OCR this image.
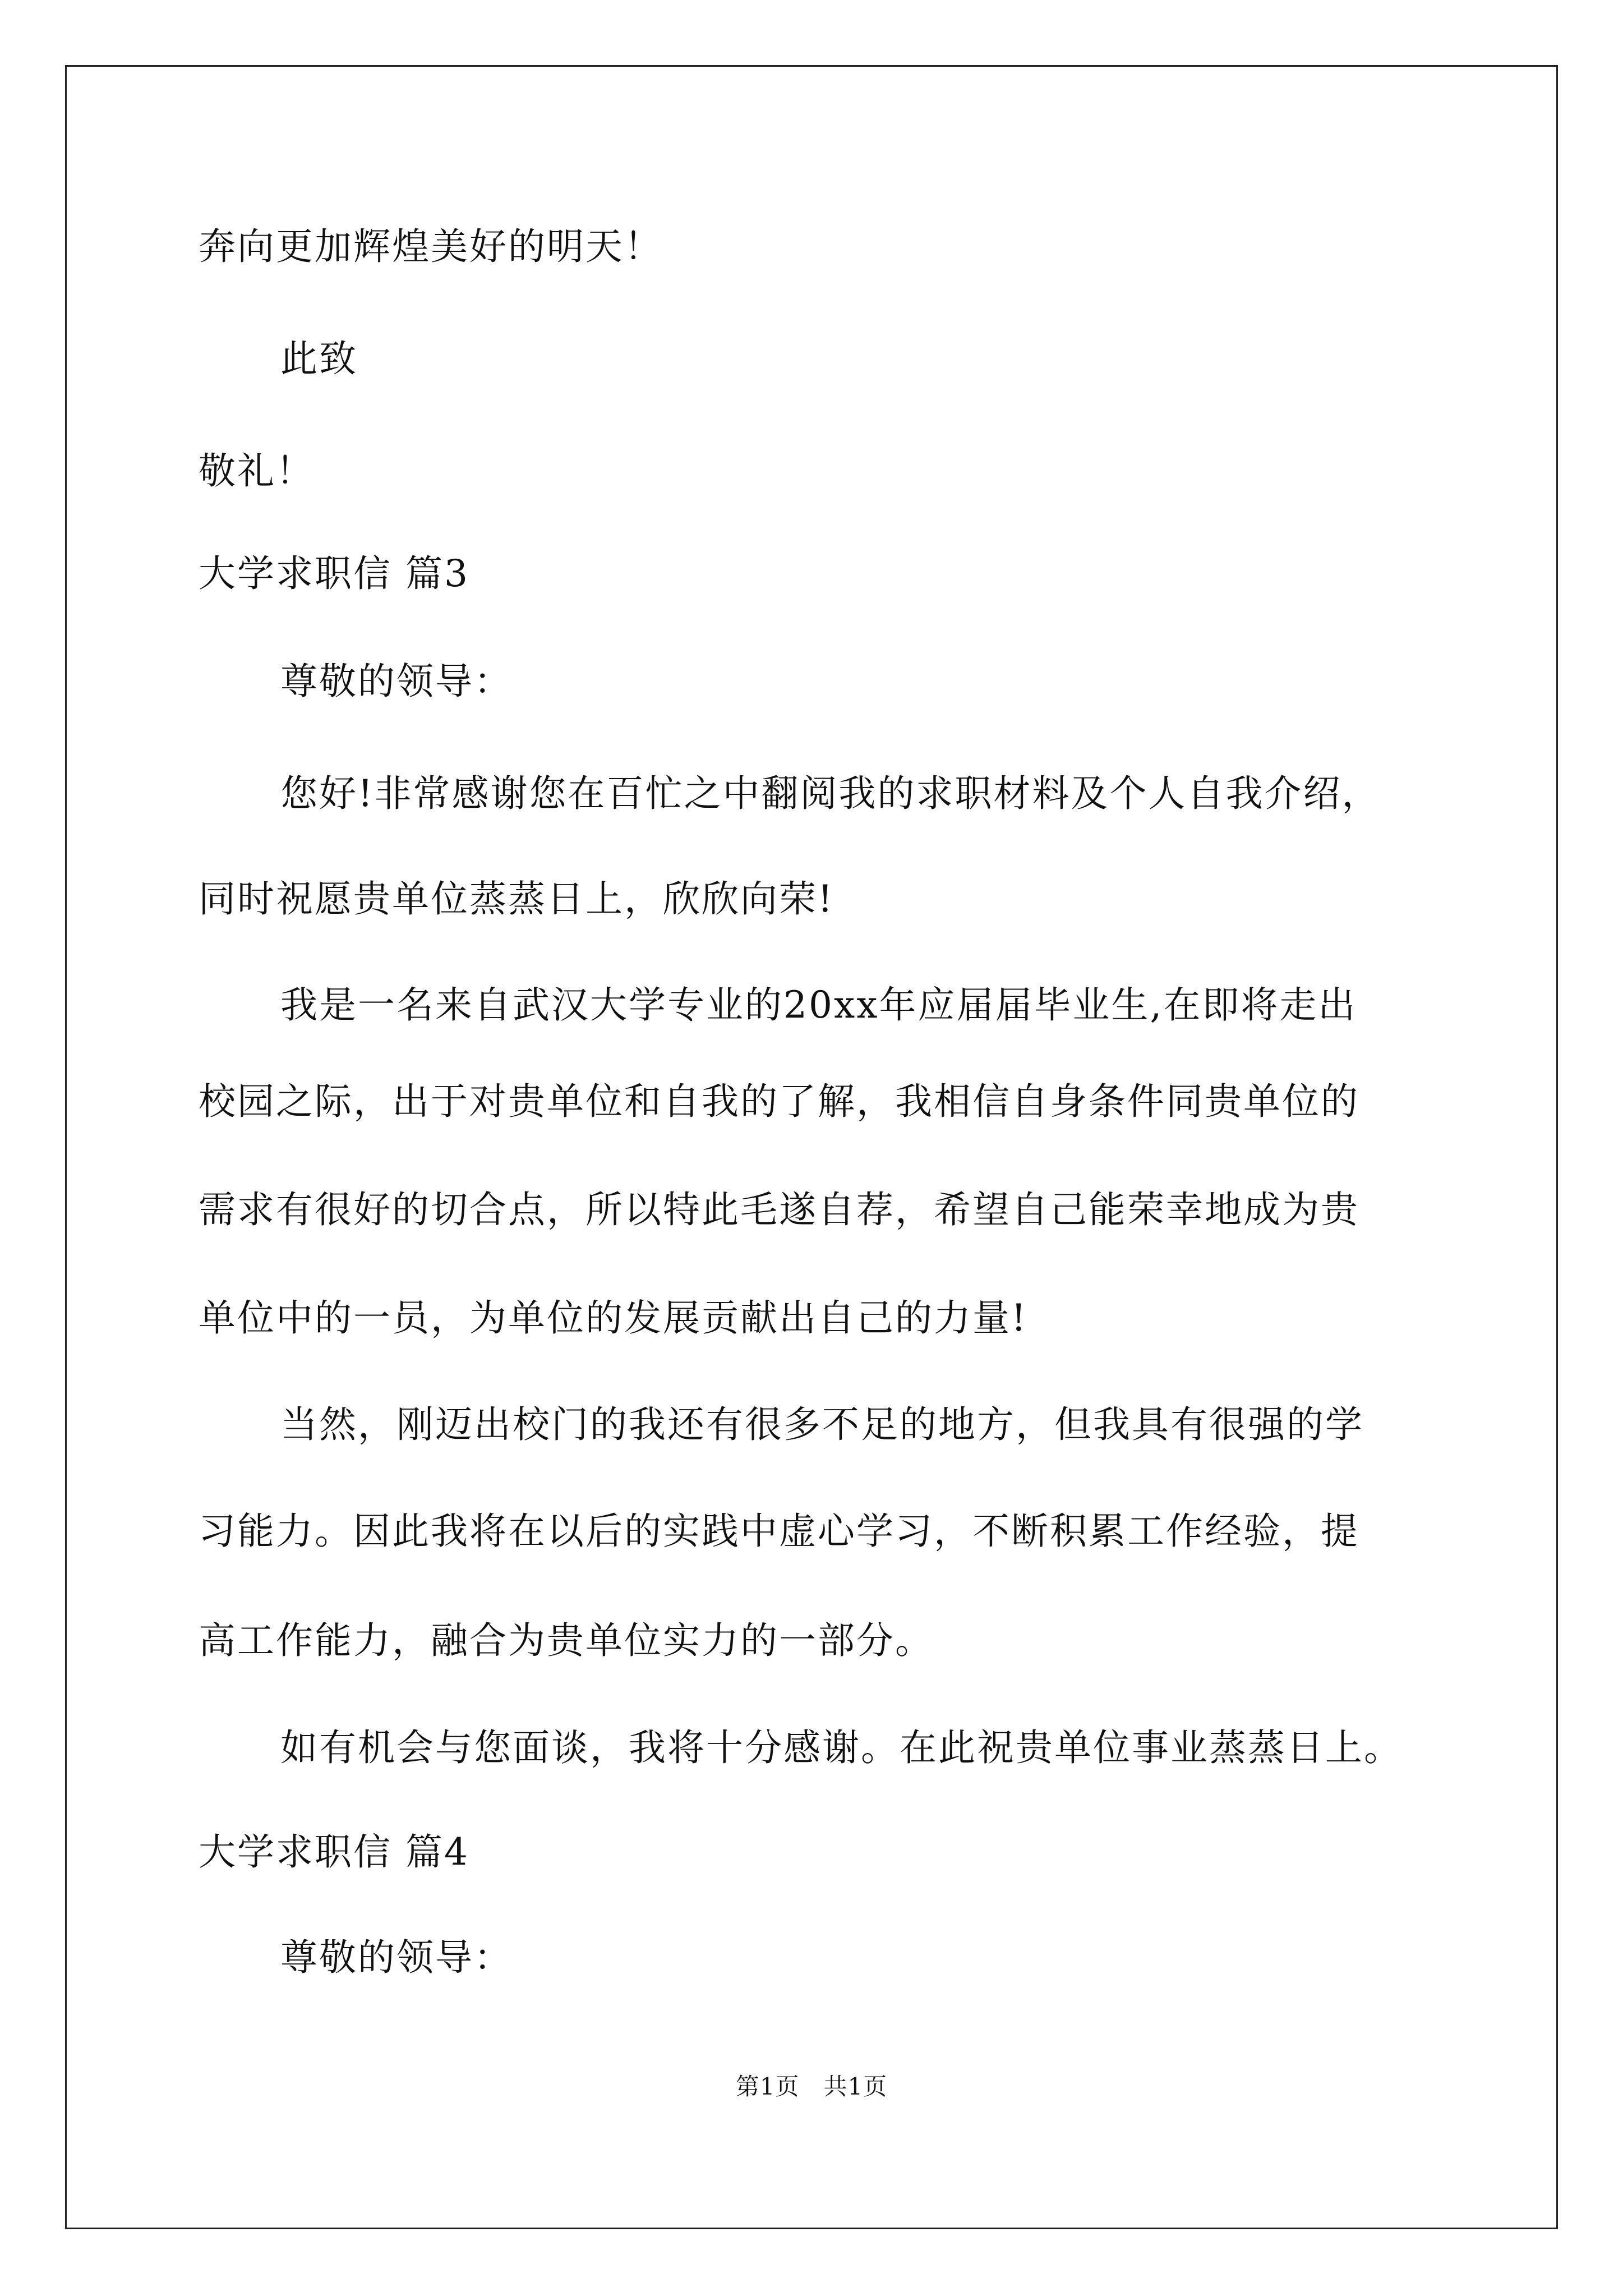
奔向更加辉煌美好的明天！
此致
敬礼！
大学求职信 篇3
尊敬的领导：
您好!非常感谢您在百忙之中翻阅我的求职材料及个人自我介绍，
同时祝愿贵单位蒸蒸日上，欣欣向荣!
我是一名来自武汉大学专业的20xx年应届届毕业生,在即将走出
校园之际，出于对贵单位和自我的了解，我相信自身条件同贵单位的
需求有很好的切合点，所以特此毛遂自荐，希望自己能荣幸地成为贵
单位中的一员，为单位的发展贡献出自己的力量!
当然，刚迈出校门的我还有很多不足的地方，但我具有很强的学
习能力。因此我将在以后的实践中虚心学习，不断积累工作经验，提
高工作能力，融合为贵单位实力的一部分。
如有机会与您面谈，我将十分感谢。在此祝贵单位事业蒸蒸日上。
大学求职信 篇4
尊敬的领导：
第1页   共1页
